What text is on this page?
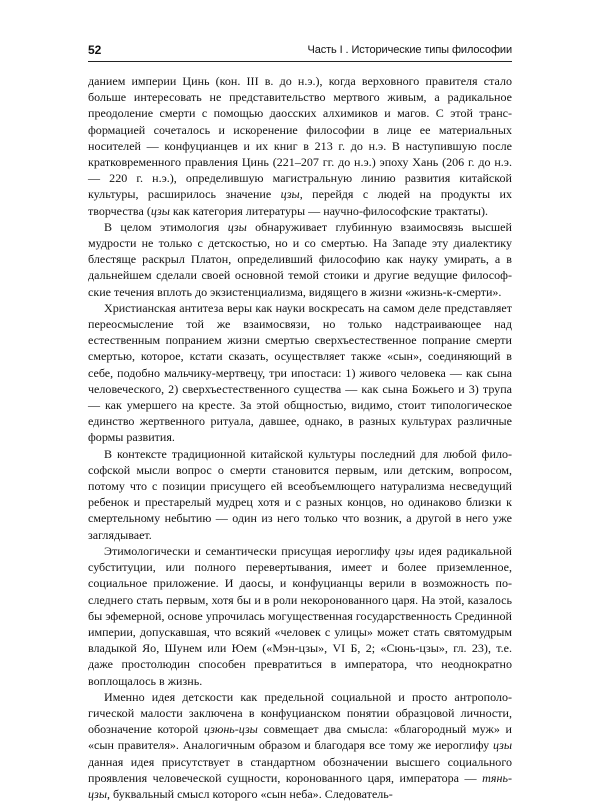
52	Часть I . Исторические типы философии

данием империи Цинь (кон. III в. до н.э.), когда верховного правителя стало больше интересовать не представительство мертвого живым, а радикальное преодоление смерти с помощью даосских алхимиков и магов. С этой трансформацией сочеталось и искоренение философии в лице ее материальных носителей — конфуцианцев и их книг в 213 г. до н.э. В наступившую после кратковременного правления Цинь (221–207 гг. до н.э.) эпоху Хань (206 г. до н.э. — 220 г. н.э.), определившую магистральную линию развития китайской культуры, расширилось значение цзы, перейдя с людей на продукты их творчества (цзы как категория литературы — научно-философские трактаты).

В целом этимология цзы обнаруживает глубинную взаимосвязь высшей мудрости не только с детскостью, но и со смертью. На Западе эту диалектику блестяще раскрыл Платон, определивший философию как науку умирать, а в дальнейшем сделали своей основной темой стоики и другие ведущие философские течения вплоть до экзистенциализма, видящего в жизни «жизнь-к-смерти».

Христианская антитеза веры как науки воскресать на самом деле представляет переосмысление той же взаимосвязи, но только надстраивающее над естественным попранием жизни смертью сверхъестественное попрание смерти смертью, которое, кстати сказать, осуществляет также «сын», соединяющий в себе, подобно мальчику-мертвецу, три ипостаси: 1) живого человека — как сына человеческого, 2) сверхъестественного существа — как сына Божьего и 3) трупа — как умершего на кресте. За этой общностью, видимо, стоит типологическое единство жертвенного ритуала, давшее, однако, в разных культурах различные формы развития.

В контексте традиционной китайской культуры последний для любой философской мысли вопрос о смерти становится первым, или детским, вопросом, потому что с позиции присущего ей всеобъемлющего натурализма несведущий ребенок и престарелый мудрец хотя и с разных концов, но одинаково близки к смертельному небытию — один из него только что возник, а другой в него уже заглядывает.

Этимологически и семантически присущая иероглифу цзы идея радикальной субституции, или полного перевертывания, имеет и более приземленное, социальное приложение. И даосы, и конфуцианцы верили в возможность последнего стать первым, хотя бы и в роли некоронованного царя. На этой, казалось бы эфемерной, основе упрочилась могущественная государственность Срединной империи, допускавшая, что всякий «человек с улицы» может стать святомудрым владыкой Яо, Шунем или Юем («Мэн-цзы», VI Б, 2; «Сюнь-цзы», гл. 23), т.е. даже простолюдин способен превратиться в императора, что неоднократно воплощалось в жизнь.

Именно идея детскости как предельной социальной и просто антропологической малости заключена в конфуцианском понятии образцовой личности, обозначение которой цзюнь-цзы совмещает два смысла: «благородный муж» и «сын правителя». Аналогичным образом и благодаря все тому же иероглифу цзы данная идея присутствует в стандартном обозначении высшего социального проявления человеческой сущности, коронованного царя, императора — тянь-цзы, буквальный смысл которого «сын неба». Следователь-
